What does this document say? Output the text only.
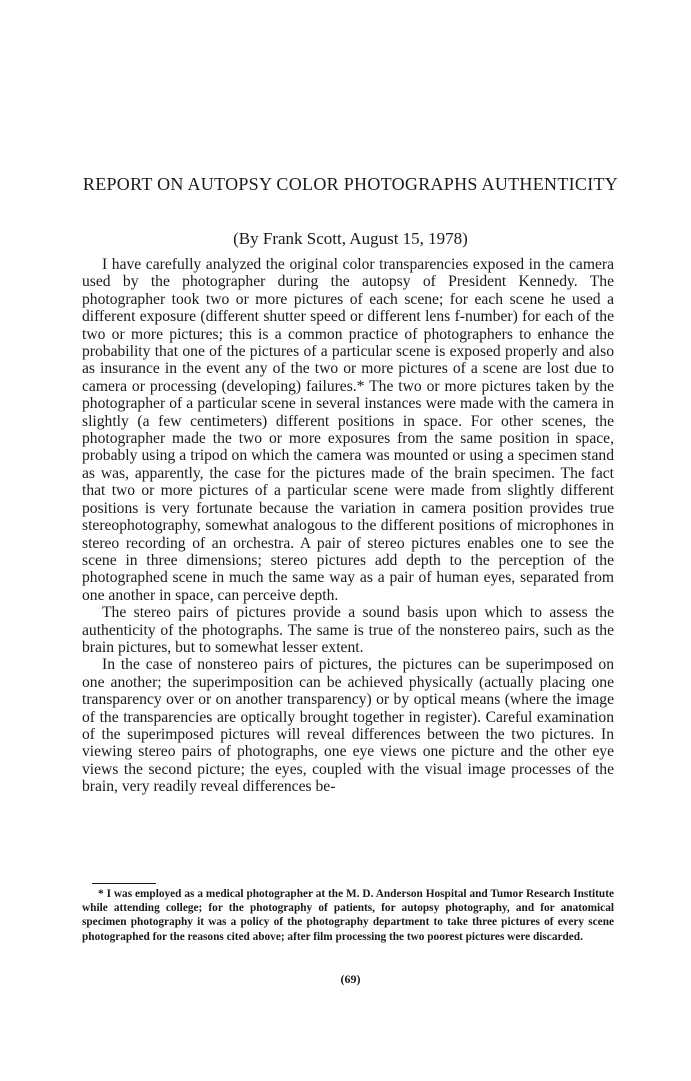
REPORT ON AUTOPSY COLOR PHOTOGRAPHS AUTHENTICITY

(By Frank Scott, August 15, 1978)

I have carefully analyzed the original color transparencies exposed in the camera used by the photographer during the autopsy of President Kennedy. The photographer took two or more pictures of each scene; for each scene he used a different exposure (different shutter speed or different lens f-number) for each of the two or more pictures; this is a common practice of photographers to enhance the probability that one of the pictures of a particular scene is exposed properly and also as insurance in the event any of the two or more pictures of a scene are lost due to camera or processing (developing) failures.* The two or more pictures taken by the photographer of a particular scene in several instances were made with the camera in slightly (a few centimeters) different positions in space. For other scenes, the photographer made the two or more exposures from the same position in space, probably using a tripod on which the camera was mounted or using a specimen stand as was, apparently, the case for the pictures made of the brain specimen. The fact that two or more pictures of a particular scene were made from slightly different positions is very fortunate because the variation in camera position provides true stereophotography, somewhat analogous to the different positions of microphones in stereo recording of an orchestra. A pair of stereo pictures enables one to see the scene in three dimensions; stereo pictures add depth to the perception of the photographed scene in much the same way as a pair of human eyes, separated from one another in space, can perceive depth.

The stereo pairs of pictures provide a sound basis upon which to assess the authenticity of the photographs. The same is true of the nonstereo pairs, such as the brain pictures, but to somewhat lesser extent.

In the case of nonstereo pairs of pictures, the pictures can be superimposed on one another; the superimposition can be achieved physically (actually placing one transparency over or on another transparency) or by optical means (where the image of the transparencies are optically brought together in register). Careful examination of the superimposed pictures will reveal differences between the two pictures. In viewing stereo pairs of photographs, one eye views one picture and the other eye views the second picture; the eyes, coupled with the visual image processes of the brain, very readily reveal differences be-

* I was employed as a medical photographer at the M. D. Anderson Hospital and Tumor Research Institute while attending college; for the photography of patients, for autopsy photography, and for anatomical specimen photography it was a policy of the photography department to take three pictures of every scene photographed for the reasons cited above; after film processing the two poorest pictures were discarded.

(69)
